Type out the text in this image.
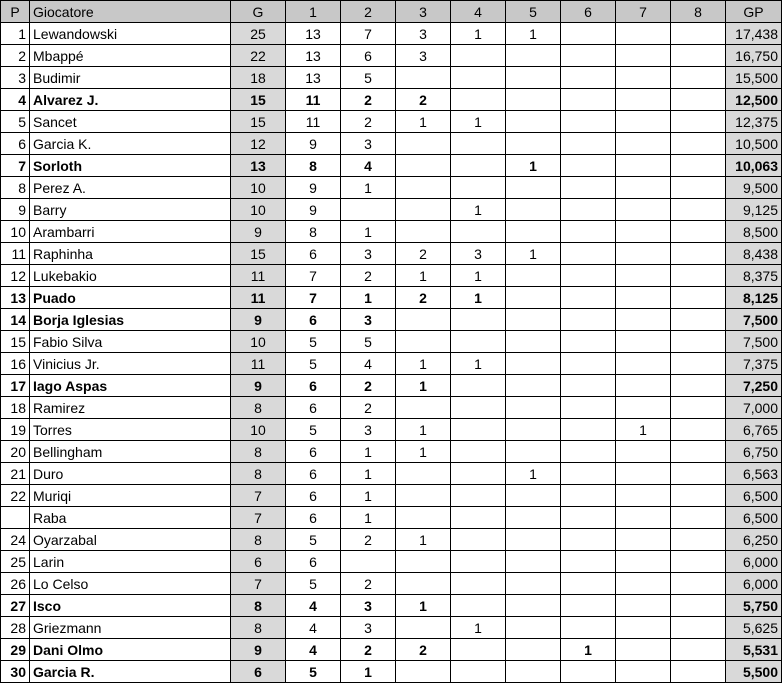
P	Giocatore	G	1	2	3	4	5	6	7	8	GP
1	Lewandowski	25	13	7	3	1	1				17,438
2	Mbappé	22	13	6	3						16,750
3	Budimir	18	13	5							15,500
4	Alvarez J.	15	11	2	2						12,500
5	Sancet	15	11	2	1	1					12,375
6	Garcia K.	12	9	3							10,500
7	Sorloth	13	8	4			1				10,063
8	Perez A.	10	9	1							9,500
9	Barry	10	9			1					9,125
10	Arambarri	9	8	1							8,500
11	Raphinha	15	6	3	2	3	1				8,438
12	Lukebakio	11	7	2	1	1					8,375
13	Puado	11	7	1	2	1					8,125
14	Borja Iglesias	9	6	3							7,500
15	Fabio Silva	10	5	5							7,500
16	Vinicius Jr.	11	5	4	1	1					7,375
17	Iago Aspas	9	6	2	1						7,250
18	Ramirez	8	6	2							7,000
19	Torres	10	5	3	1				1		6,765
20	Bellingham	8	6	1	1						6,750
21	Duro	8	6	1			1				6,563
22	Muriqi	7	6	1							6,500
	Raba	7	6	1							6,500
24	Oyarzabal	8	5	2	1						6,250
25	Larin	6	6								6,000
26	Lo Celso	7	5	2							6,000
27	Isco	8	4	3	1						5,750
28	Griezmann	8	4	3		1					5,625
29	Dani Olmo	9	4	2	2			1			5,531
30	Garcia R.	6	5	1							5,500
